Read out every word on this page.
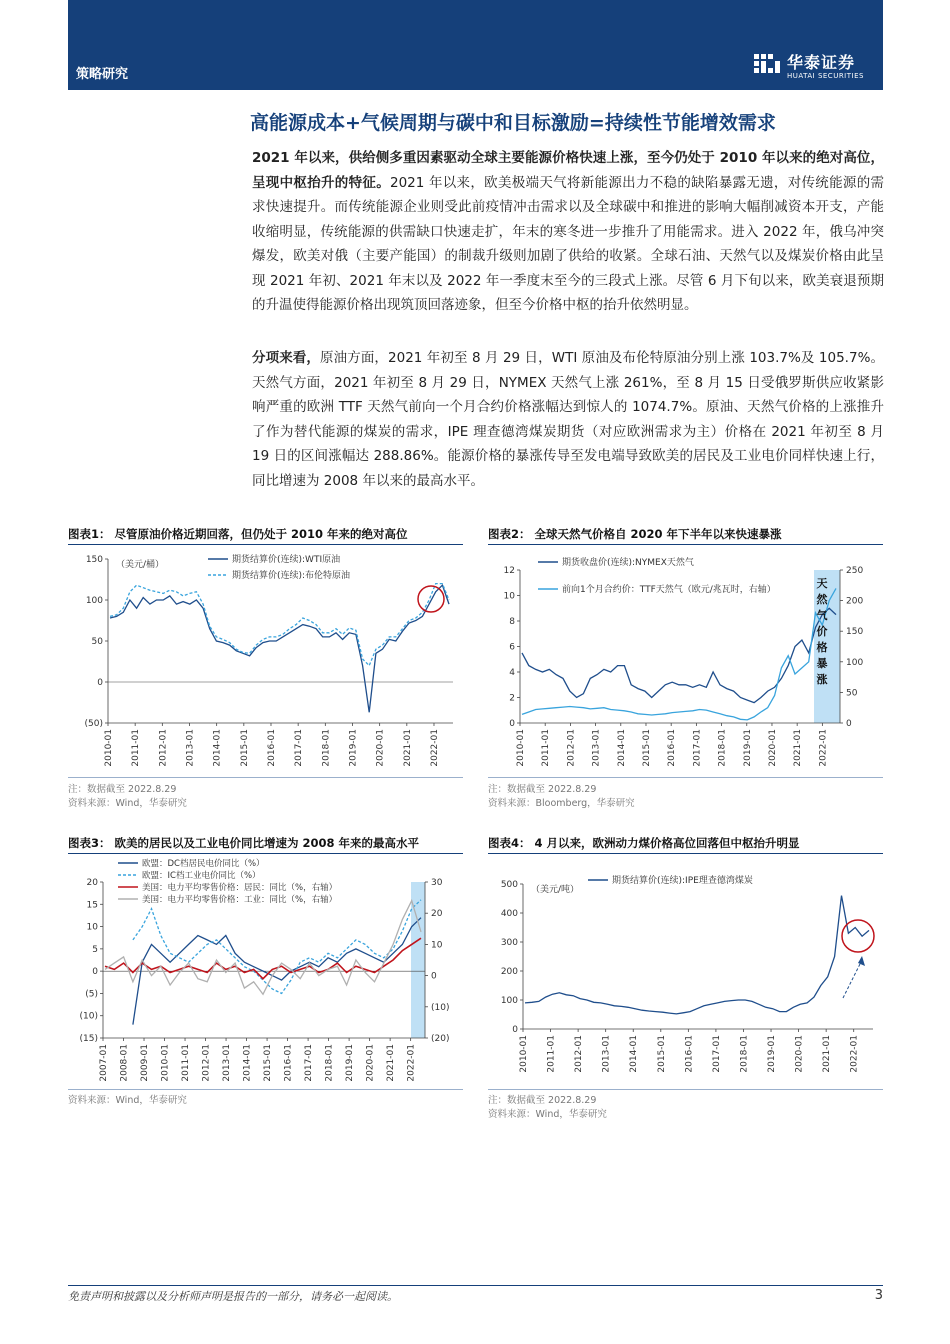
策略研究
华泰证券
HUATAI SECURITIES
高能源成本+气候周期与碳中和目标激励=持续性节能增效需求
2021 年以来，供给侧多重因素驱动全球主要能源价格快速上涨，至今仍处于 2010 年以来的绝对高位，呈现中枢抬升的特征。2021 年以来，欧美极端天气将新能源出力不稳的缺陷暴露无遗，对传统能源的需求快速提升。而传统能源企业则受此前疫情冲击需求以及全球碳中和推进的影响大幅削减资本开支，产能收缩明显，传统能源的供需缺口快速走扩，年末的寒冬进一步推升了用能需求。进入 2022 年，俄乌冲突爆发，欧美对俄（主要产能国）的制裁升级则加剧了供给的收紧。全球石油、天然气以及煤炭价格由此呈现 2021 年初、2021 年末以及 2022 年一季度末至今的三段式上涨。尽管 6 月下旬以来，欧美衰退预期的升温使得能源价格出现筑顶回落迹象，但至今价格中枢的抬升依然明显。
分项来看，原油方面，2021 年初至 8 月 29 日，WTI 原油及布伦特原油分别上涨 103.7%及 105.7%。天然气方面，2021 年初至 8 月 29 日，NYMEX 天然气上涨 261%，至 8 月 15 日受俄罗斯供应收紧影响严重的欧洲 TTF 天然气前向一个月合约价格涨幅达到惊人的 1074.7%。原油、天然气价格的上涨推升了作为替代能源的煤炭的需求，IPE 理查德湾煤炭期货（对应欧洲需求为主）价格在 2021 年初至 8 月 19 日的区间涨幅达 288.86%。能源价格的暴涨传导至发电端导致欧美的居民及工业电价同样快速上行，同比增速为 2008 年以来的最高水平。
图表1： 尽管原油价格近期回落，但仍处于 2010 年来的绝对高位
150
100
50
0
(50)
2010-01 2011-01 2012-01 2013-01 2014-01 2015-01 2016-01 2017-01 2018-01 2019-01 2020-01 2021-01 2022-01
（美元/桶）	期货结算价(连续):WTI原油
期货结算价(连续):布伦特原油
注：数据截至 2022.8.29
资料来源：Wind，华泰研究
图表2： 全球天然气价格自 2020 年下半年以来快速暴涨
12
10
8
6
4
2
0
250
200
150
100
50
0
2010-01 2011-01 2012-01 2013-01 2014-01 2015-01 2016-01 2017-01 2018-01 2019-01 2020-01 2021-01 2022-01
期货收盘价(连续):NYMEX天然气
前向1个月合约价：TTF天然气（欧元/兆瓦时，右轴）	天
然
气
价
格
暴
涨
注：数据截至 2022.8.29
资料来源：Bloomberg，华泰研究
图表3： 欧美的居民以及工业电价同比增速为 2008 年来的最高水平
20
15
10
5
0
(5)
(10)
(15)
30
20
10
0
(10)
(20)
2007-01 2008-01 2009-01 2010-01 2011-01 2012-01 2013-01 2014-01 2015-01 2016-01 2017-01 2018-01 2019-01 2020-01 2021-01 2022-01
欧盟：DC档居民电价同比（%）
欧盟：IC档工业电价同比（%）
美国：电力平均零售价格：居民：同比（%，右轴）
美国：电力平均零售价格：工业：同比（%，右轴）
资料来源：Wind，华泰研究
图表4： 4 月以来，欧洲动力煤价格高位回落但中枢抬升明显
500
400
300
200
100
0
2010-01 2011-01 2012-01 2013-01 2014-01 2015-01 2016-01 2017-01 2018-01 2019-01 2020-01 2021-01 2022-01
（美元/吨）
期货结算价(连续):IPE理查德湾煤炭
注：数据截至 2022.8.29
资料来源：Wind，华泰研究
免责声明和披露以及分析师声明是报告的一部分，请务必一起阅读。	3
